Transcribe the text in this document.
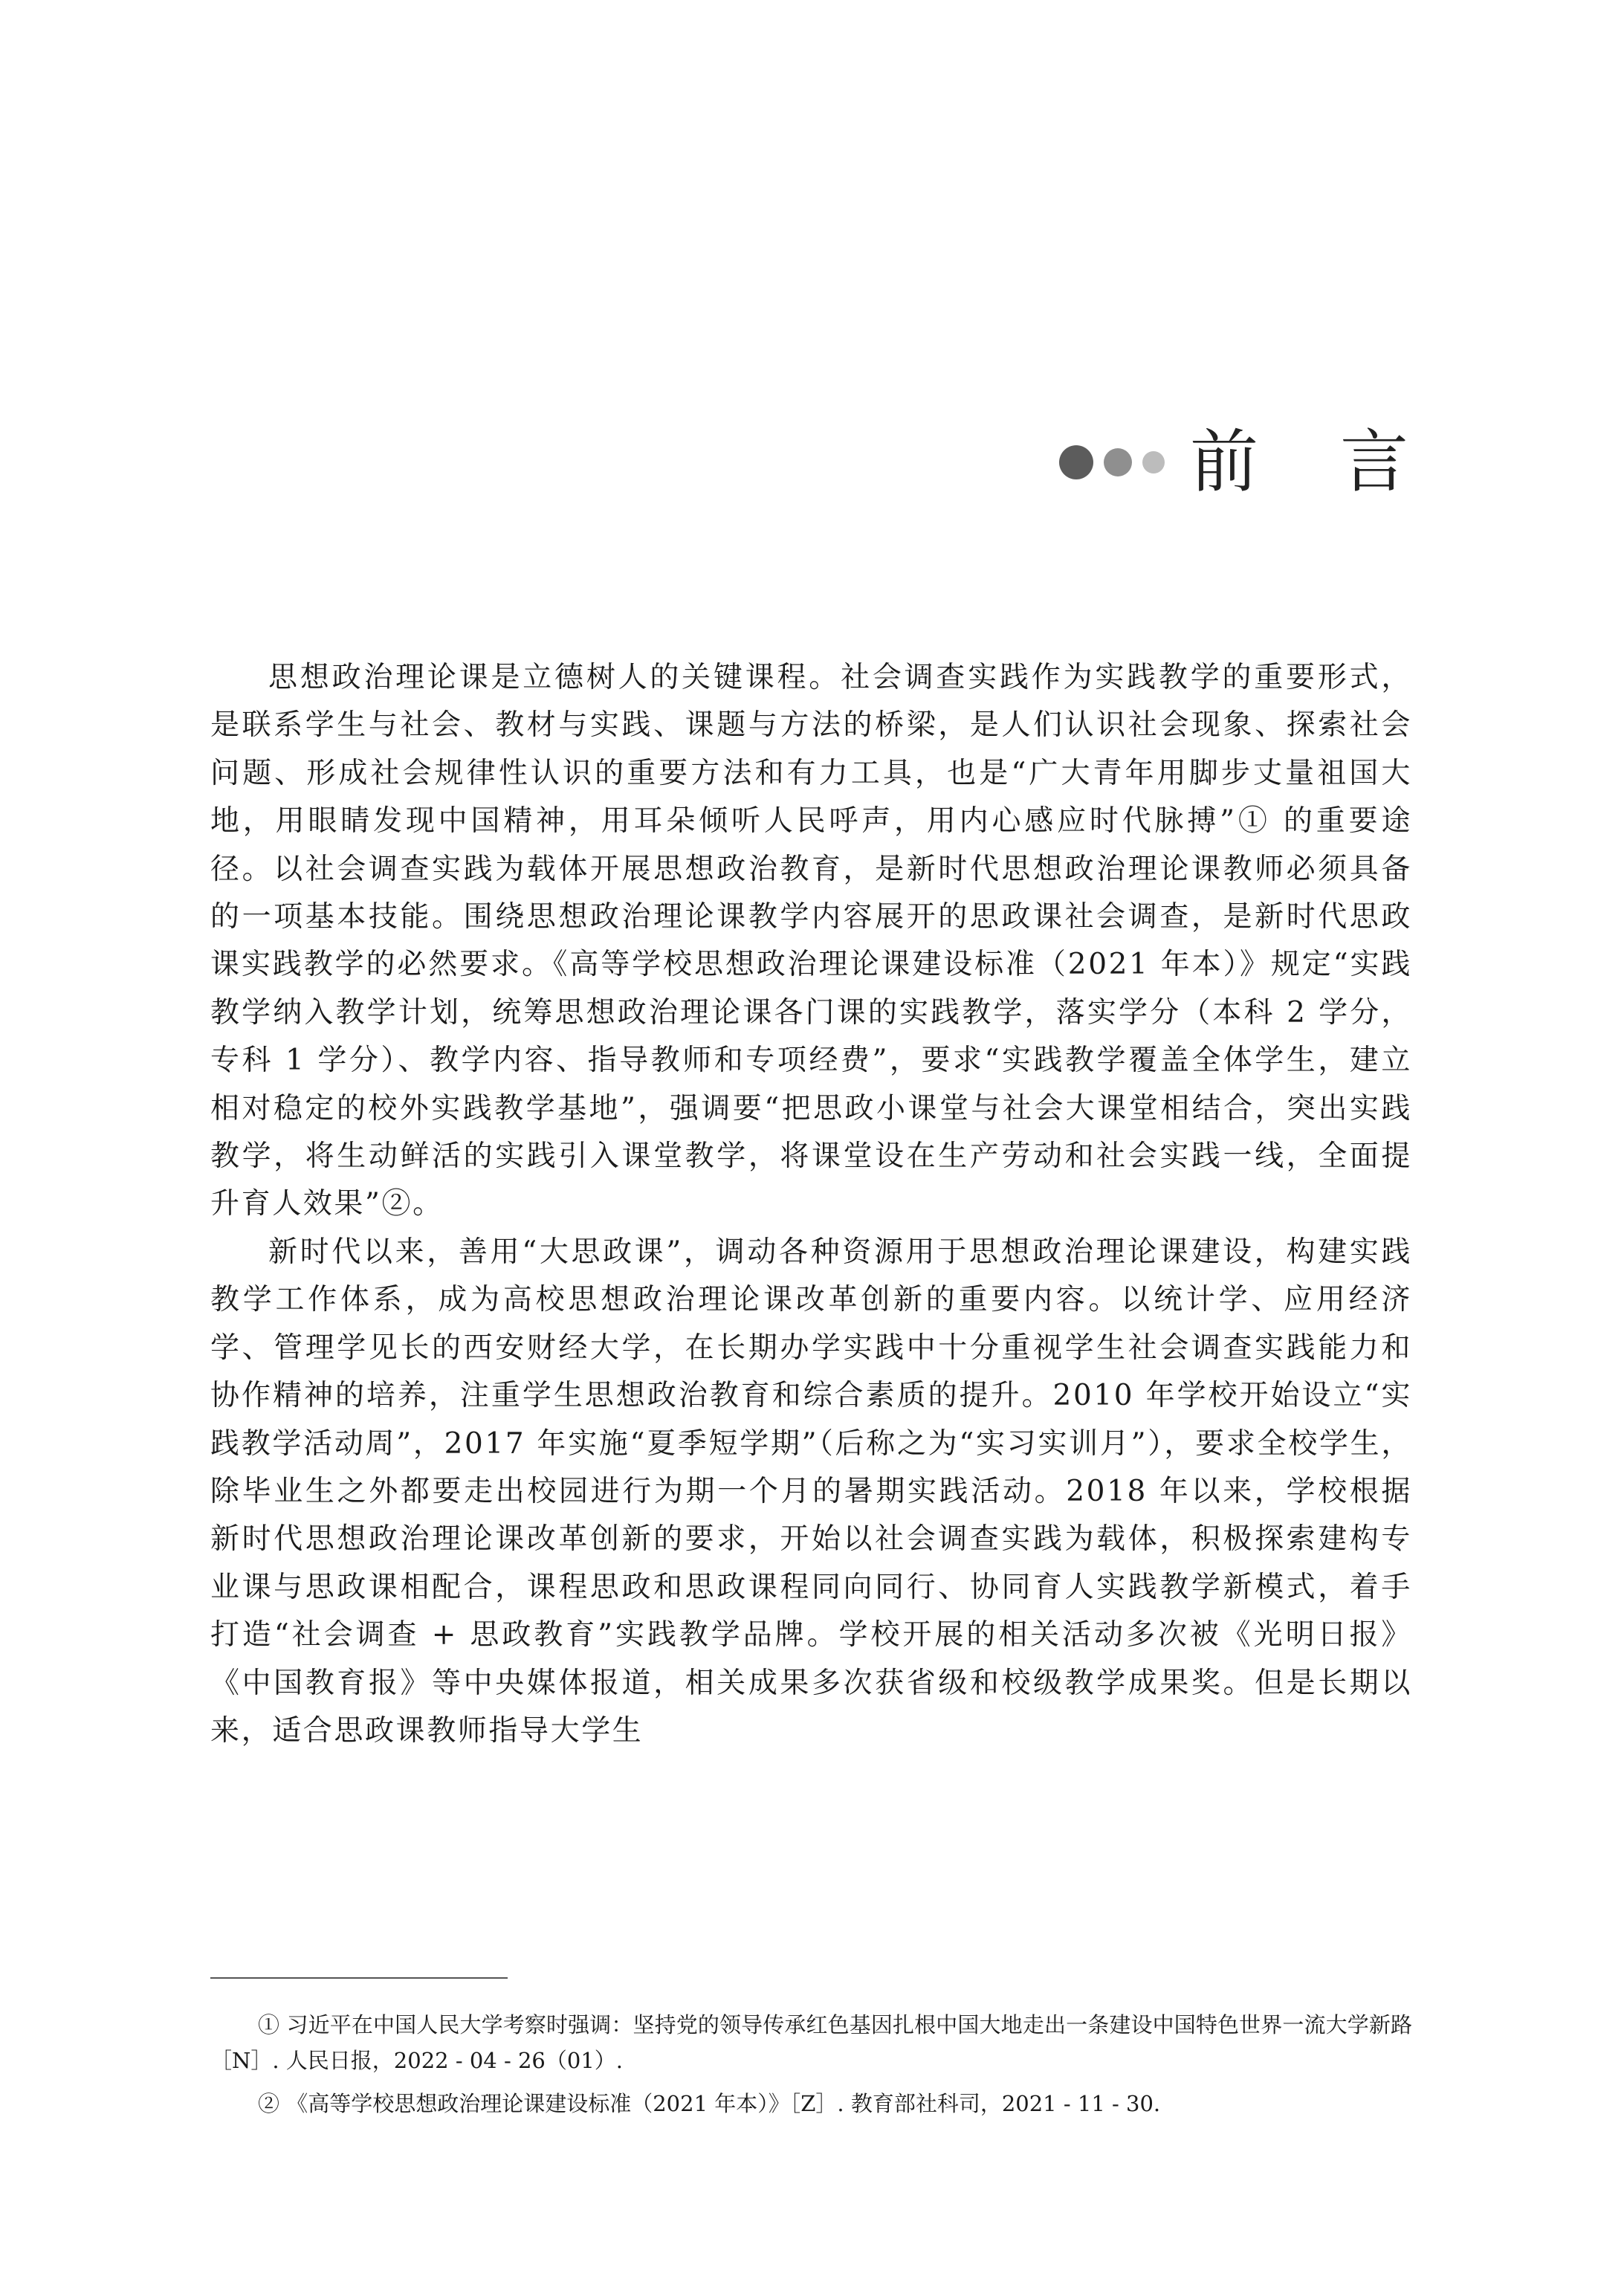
前言

思想政治理论课是立德树人的关键课程。社会调查实践作为实践教学的重要形式，是联系学生与社会、教材与实践、课题与方法的桥梁，是人们认识社会现象、探索社会问题、形成社会规律性认识的重要方法和有力工具，也是“广大青年用脚步丈量祖国大地，用眼睛发现中国精神，用耳朵倾听人民呼声，用内心感应时代脉搏”① 的重要途径。以社会调查实践为载体开展思想政治教育，是新时代思想政治理论课教师必须具备的一项基本技能。围绕思想政治理论课教学内容展开的思政课社会调查，是新时代思政课实践教学的必然要求。《高等学校思想政治理论课建设标准（2021 年本）》规定“实践教学纳入教学计划，统筹思想政治理论课各门课的实践教学，落实学分（本科 2 学分，专科 1 学分）、教学内容、指导教师和专项经费”，要求“实践教学覆盖全体学生，建立相对稳定的校外实践教学基地”，强调要“把思政小课堂与社会大课堂相结合，突出实践教学，将生动鲜活的实践引入课堂教学，将课堂设在生产劳动和社会实践一线，全面提升育人效果”②。

新时代以来，善用“大思政课”，调动各种资源用于思想政治理论课建设，构建实践教学工作体系，成为高校思想政治理论课改革创新的重要内容。以统计学、应用经济学、管理学见长的西安财经大学，在长期办学实践中十分重视学生社会调查实践能力和协作精神的培养，注重学生思想政治教育和综合素质的提升。2010 年学校开始设立“实践教学活动周”，2017 年实施“夏季短学期”（后称之为“实习实训月”），要求全校学生，除毕业生之外都要走出校园进行为期一个月的暑期实践活动。2018 年以来，学校根据新时代思想政治理论课改革创新的要求，开始以社会调查实践为载体，积极探索建构专业课与思政课相配合，课程思政和思政课程同向同行、协同育人实践教学新模式，着手打造“社会调查 + 思政教育”实践教学品牌。学校开展的相关活动多次被《光明日报》《中国教育报》等中央媒体报道，相关成果多次获省级和校级教学成果奖。但是长期以来，适合思政课教师指导大学生

① 习近平在中国人民大学考察时强调：坚持党的领导传承红色基因扎根中国大地走出一条建设中国特色世界一流大学新路［N］. 人民日报，2022 - 04 - 26（01）.

② 《高等学校思想政治理论课建设标准（2021 年本）》［Z］. 教育部社科司，2021 - 11 - 30.
